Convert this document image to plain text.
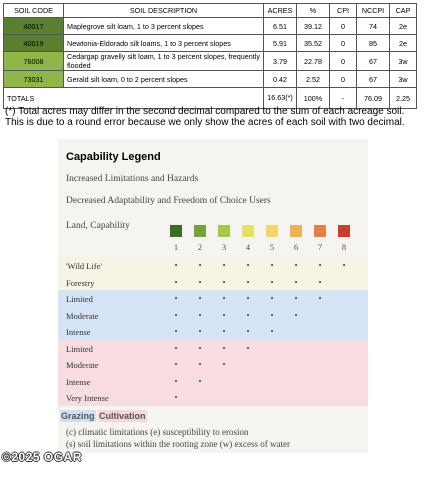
SOIL CODE	SOIL DESCRIPTION	ACRES	%	CPI	NCCPI	CAP
40017	Maplegrove silt loam, 1 to 3 percent slopes	6.51	39.12	0	74	2e
40019	Newtonia-Eldorado silt loams, 1 to 3 percent slopes	5.91	35.52	0	85	2e
76008	Cedargap gravelly silt loam, 1 to 3 percent slopes, frequently flooded	3.79	22.78	0	67	3w
73031	Gerald silt loam, 0 to 2 percent slopes	0.42	2.52	0	67	3w
TOTALS		16.63(*)	100%	-	76.09	2.25
(*) Total acres may differ in the second decimal compared to the sum of each acreage soil. This is due to a round error because we only show the acres of each soil with two decimal.
Capability Legend
Increased Limitations and Hazards
Decreased Adaptability and Freedom of Choice Users
Land, Capability
1	2	3	4	5	6	7	8
'Wild Life'	•	•	•	•	•	•	•	•
Forestry	•	•	•	•	•	•	•
Limited	•	•	•	•	•	•	•
Moderate	•	•	•	•	•	•
Intense	•	•	•	•	•
Limited	•	•	•	•
Moderate	•	•	•
Intense	•	•
Very Intense	•
Grazing Cultivation
(c) climatic limitations (e) susceptibility to erosion
(s) soil limitations within the rooting zone (w) excess of water
©2025 OGAR
